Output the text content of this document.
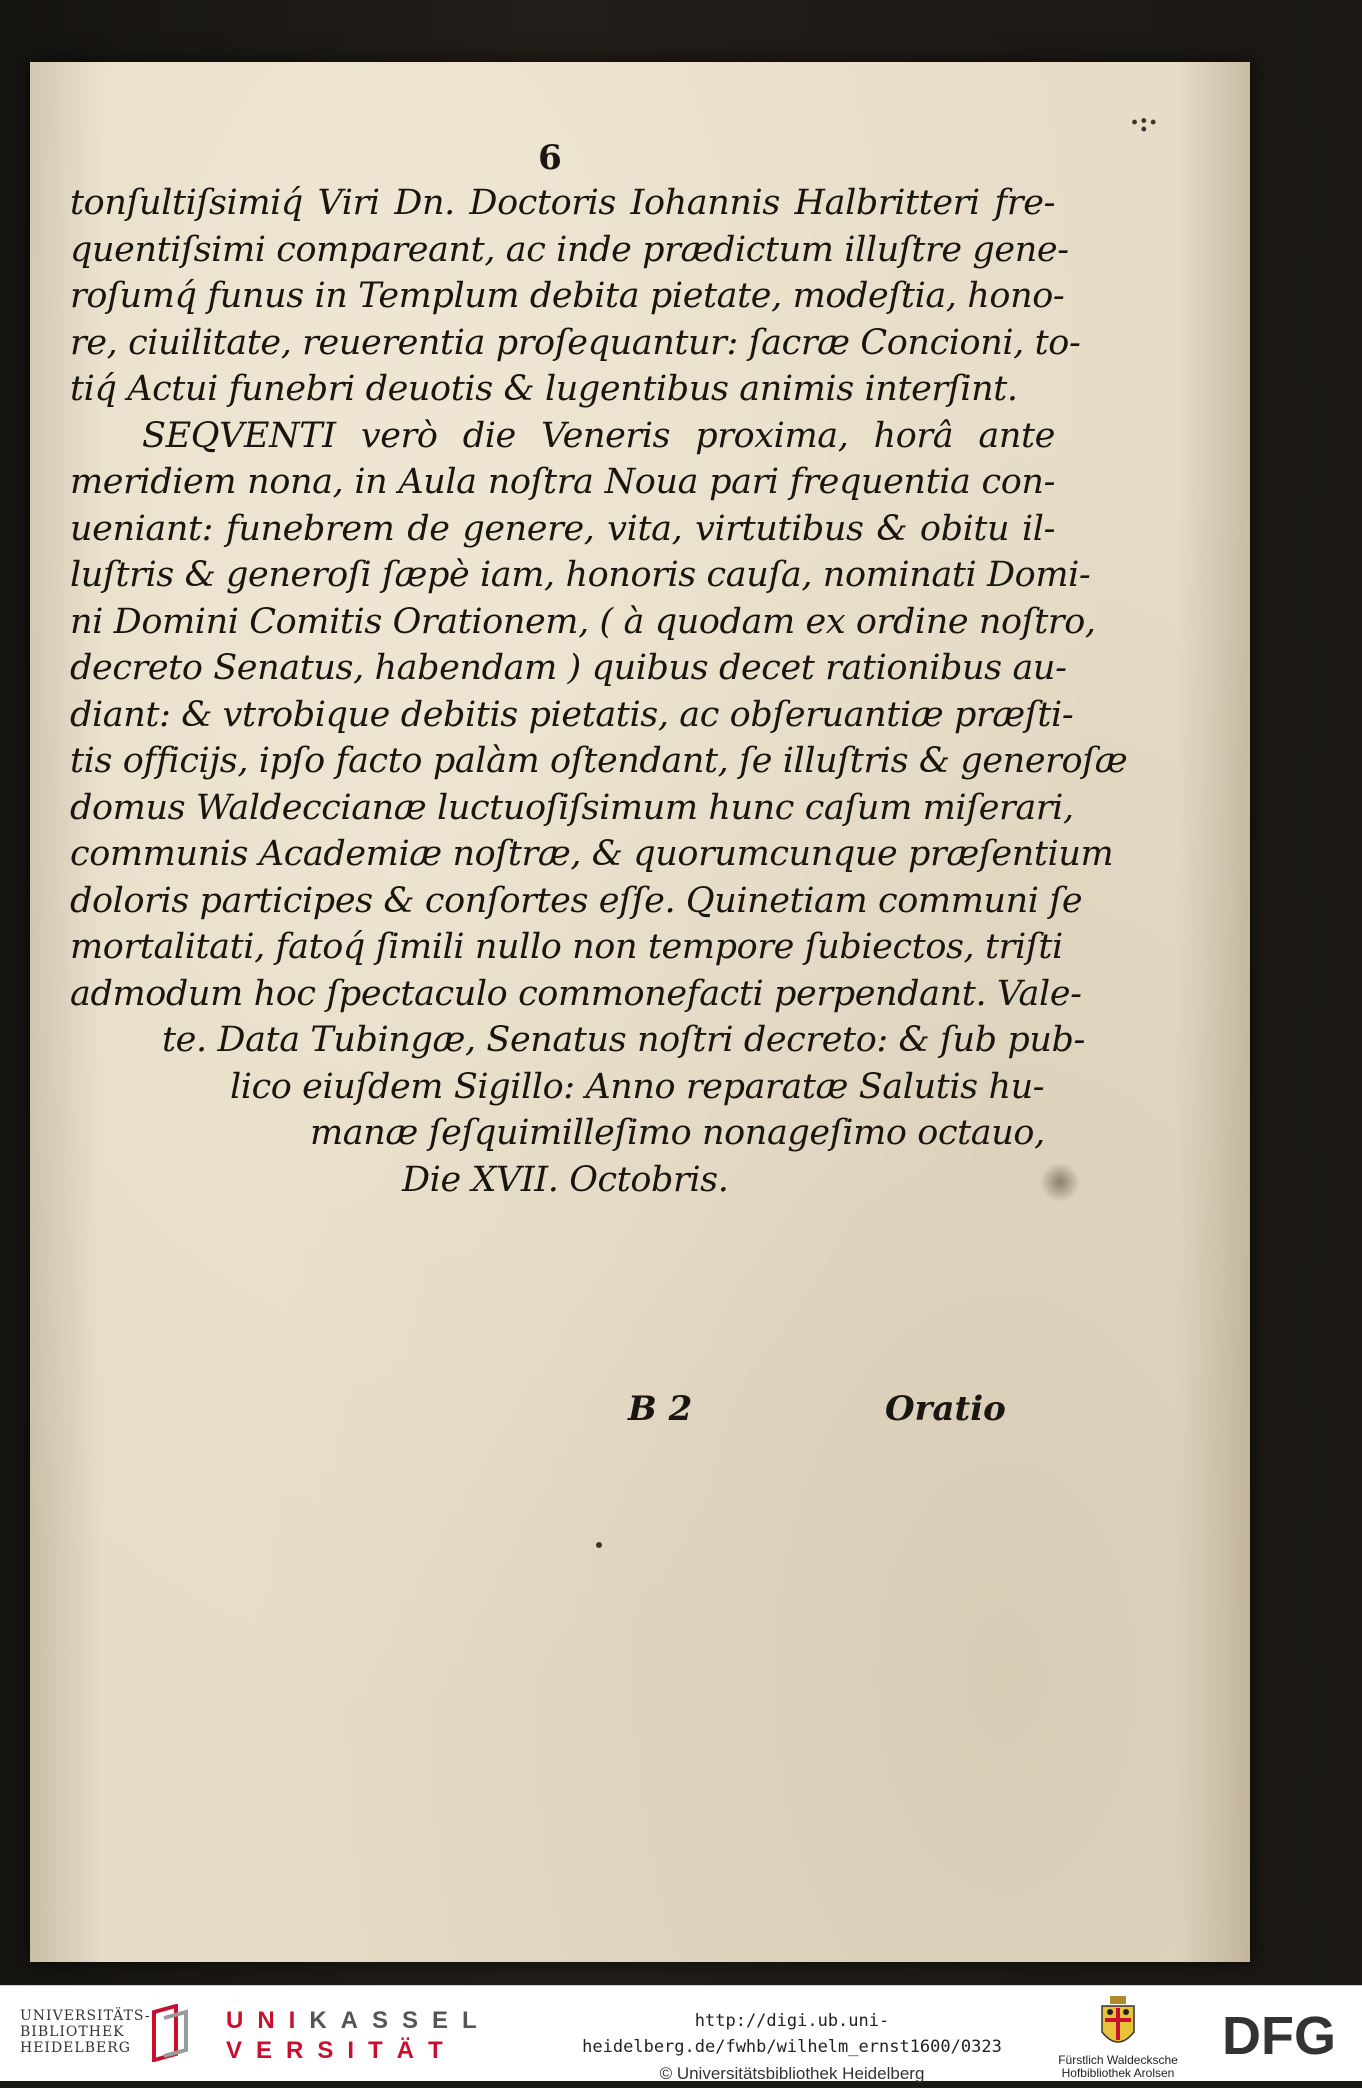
6
·:·
tonſultiſsimiq́ Viri Dn. Doctoris Iohannis Halbritteri fre-
quentiſsimi compareant, ac inde prædictum illuſtre gene-
roſumq́ funus in Templum debita pietate, modeſtia, hono-
re, ciuilitate, reuerentia proſequantur: ſacræ Concioni, to-
tiq́ Actui funebri deuotis & lugentibus animis interſint.
SEQVENTI verò die Veneris proxima, horâ ante
meridiem nona, in Aula noſtra Noua pari frequentia con-
ueniant: funebrem de genere, vita, virtutibus & obitu il-
luſtris & generoſi ſæpè iam, honoris cauſa, nominati Domi-
ni Domini Comitis Orationem, ( à quodam ex ordine noſtro,
decreto Senatus, habendam ) quibus decet rationibus au-
diant: & vtrobique debitis pietatis, ac obſeruantiæ præſti-
tis officijs, ipſo facto palàm oſtendant, ſe illuſtris & generoſæ
domus Waldeccianæ luctuoſiſsimum hunc caſum miſerari,
communis Academiæ noſtræ, & quorumcunque præſentium
doloris participes & conſortes eſſe. Quinetiam communi ſe
mortalitati, fatoq́ ſimili nullo non tempore ſubiectos, triſti
admodum hoc ſpectaculo commonefacti perpendant. Vale-
te. Data Tubingæ, Senatus noſtri decreto: & ſub pub-
lico eiuſdem Sigillo: Anno reparatæ Salutis hu-
manæ ſeſquimilleſimo nonageſimo octauo,
Die XVII. Octobris.
B 2	Oratio
UNIVERSITÄTS-
BIBLIOTHEK
HEIDELBERG
UNIKASSEL
VERSITÄT
http://digi.ub.uni-heidelberg.de/fwhb/wilhelm_ernst1600/0323
© Universitätsbibliothek Heidelberg
Fürstlich Waldecksche
Hofbibliothek Arolsen
DFG
